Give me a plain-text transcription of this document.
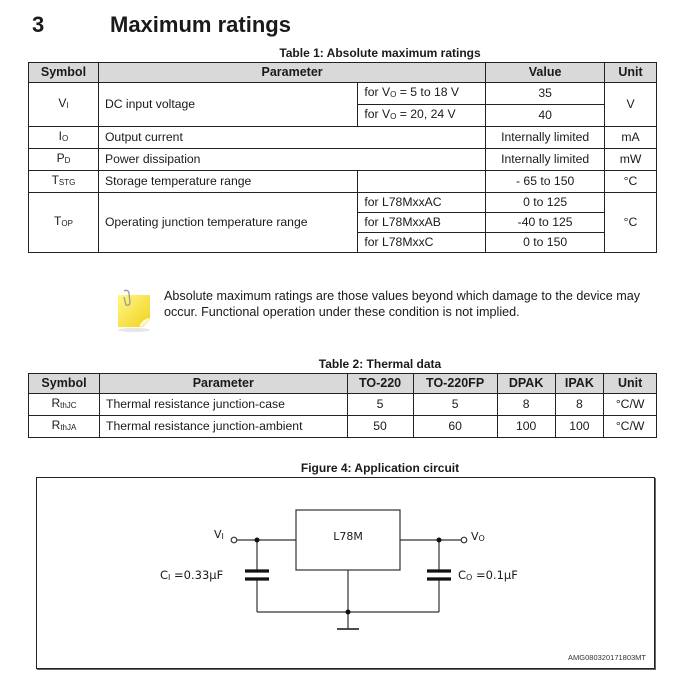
3	Maximum ratings
Table 1: Absolute maximum ratings
Symbol	Parameter		Value	Unit
$V_I$	DC input voltage	for $V_O = 5$ to 18 V	35	V
		for $V_O = 20$, 24 V	40	
$I_O$	Output current		Internally limited	mA
$P_D$	Power dissipation		Internally limited	mW
$T_{STG}$	Storage temperature range		- 65 to 150	°C
$T_{OP}$	Operating junction temperature range	for L78MxxAC	0 to 125	°C
		for L78MxxAB	-40 to 125	
		for L78MxxC	0 to 150	
Absolute maximum ratings are those values beyond which damage to the device may occur. Functional operation under these condition is not implied.
Table 2: Thermal data
Symbol	Parameter	TO-220	TO-220FP	DPAK	IPAK	Unit
$R_{thJC}$	Thermal resistance junction-case	5	5	8	8	°C/W
$R_{thJA}$	Thermal resistance junction-ambient	50	60	100	100	°C/W
Figure 4: Application circuit
L78M
$V_I$	$V_O$
$C_I =0.33\mu F$	$C_O =0.1\mu F$
AMG080320171803MT
